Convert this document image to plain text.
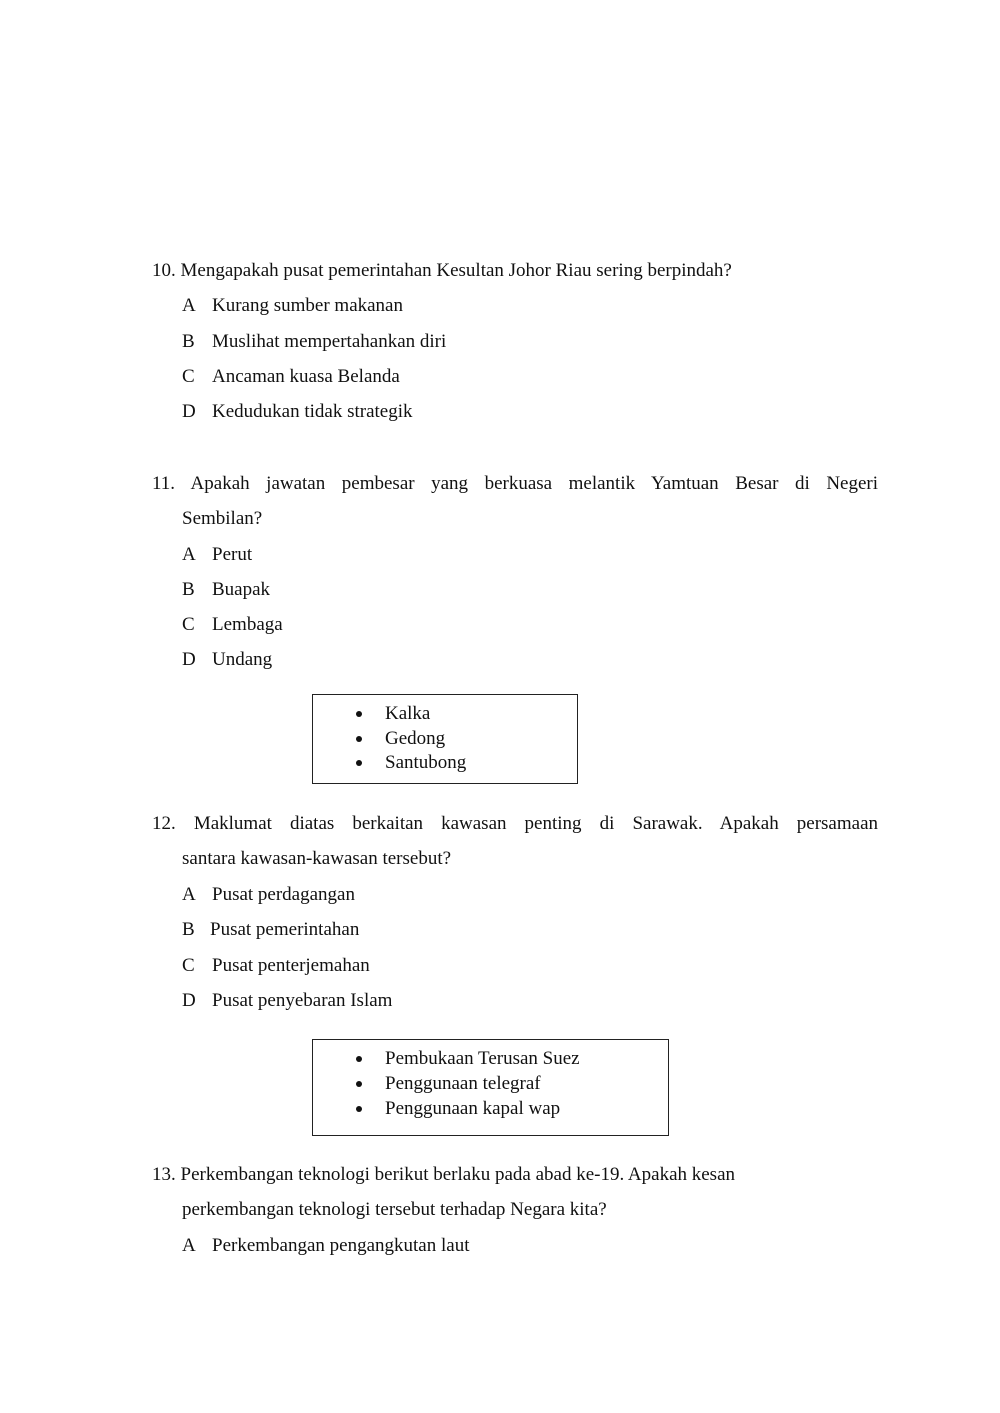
10. Mengapakah pusat pemerintahan Kesultan Johor Riau sering berpindah?
A Kurang sumber makanan
B Muslihat mempertahankan diri
C Ancaman kuasa Belanda
D Kedudukan tidak strategik
11. Apakah jawatan pembesar yang berkuasa melantik Yamtuan Besar di Negeri
Sembilan?
A Perut
B Buapak
C Lembaga
D Undang
Kalka
Gedong
Santubong
12. Maklumat diatas berkaitan kawasan penting di Sarawak. Apakah persamaan
santara kawasan-kawasan tersebut?
A Pusat perdagangan
B Pusat pemerintahan
C Pusat penterjemahan
D Pusat penyebaran Islam
Pembukaan Terusan Suez
Penggunaan telegraf
Penggunaan kapal wap
13. Perkembangan teknologi berikut berlaku pada abad ke-19. Apakah kesan
perkembangan teknologi tersebut terhadap Negara kita?
A Perkembangan pengangkutan laut
